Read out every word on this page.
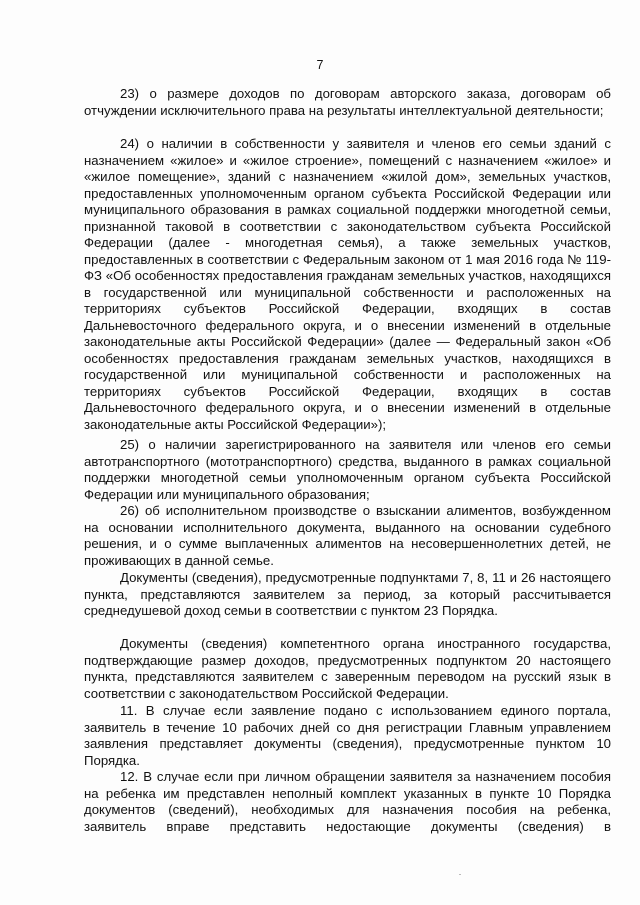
7

23) о размере доходов по договорам авторского заказа, договорам об отчуждении исключительного права на результаты интеллектуальной деятельности;

24) о наличии в собственности у заявителя и членов его семьи зданий с назначением «жилое» и «жилое строение», помещений с назначением «жилое» и «жилое помещение», зданий с назначением «жилой дом», земельных участков, предоставленных уполномоченным органом субъекта Российской Федерации или муниципального образования в рамках социальной поддержки многодетной семьи, признанной таковой в соответствии с законодательством субъекта Российской Федерации (далее - многодетная семья), а также земельных участков, предоставленных в соответствии с Федеральным законом от 1 мая 2016 года № 119-ФЗ «Об особенностях предоставления гражданам земельных участков, находящихся в государственной или муниципальной собственности и расположенных на территориях субъектов Российской Федерации, входящих в состав Дальневосточного федерального округа, и о внесении изменений в отдельные законодательные акты Российской Федерации» (далее — Федеральный закон «Об особенностях предоставления гражданам земельных участков, находящихся в государственной или муниципальной собственности и расположенных на территориях субъектов Российской Федерации, входящих в состав Дальневосточного федерального округа, и о внесении изменений в отдельные законодательные акты Российской Федерации»);

25) о наличии зарегистрированного на заявителя или членов его семьи автотранспортного (мототранспортного) средства, выданного в рамках социальной поддержки многодетной семьи уполномоченным органом субъекта Российской Федерации или муниципального образования;

26) об исполнительном производстве о взыскании алиментов, возбужденном на основании исполнительного документа, выданного на основании судебного решения, и о сумме выплаченных алиментов на несовершеннолетних детей, не проживающих в данной семье.

Документы (сведения), предусмотренные подпунктами 7, 8, 11 и 26 настоящего пункта, представляются заявителем за период, за который рассчитывается среднедушевой доход семьи в соответствии с пунктом 23 Порядка.

Документы (сведения) компетентного органа иностранного государства, подтверждающие размер доходов, предусмотренных подпунктом 20 настоящего пункта, представляются заявителем с заверенным переводом на русский язык в соответствии с законодательством Российской Федерации.

11. В случае если заявление подано с использованием единого портала, заявитель в течение 10 рабочих дней со дня регистрации Главным управлением заявления представляет документы (сведения), предусмотренные пунктом 10 Порядка.

12. В случае если при личном обращении заявителя за назначением пособия на ребенка им представлен неполный комплект указанных в пункте 10 Порядка документов (сведений), необходимых для назначения пособия на ребенка, заявитель вправе представить недостающие документы (сведения) в
